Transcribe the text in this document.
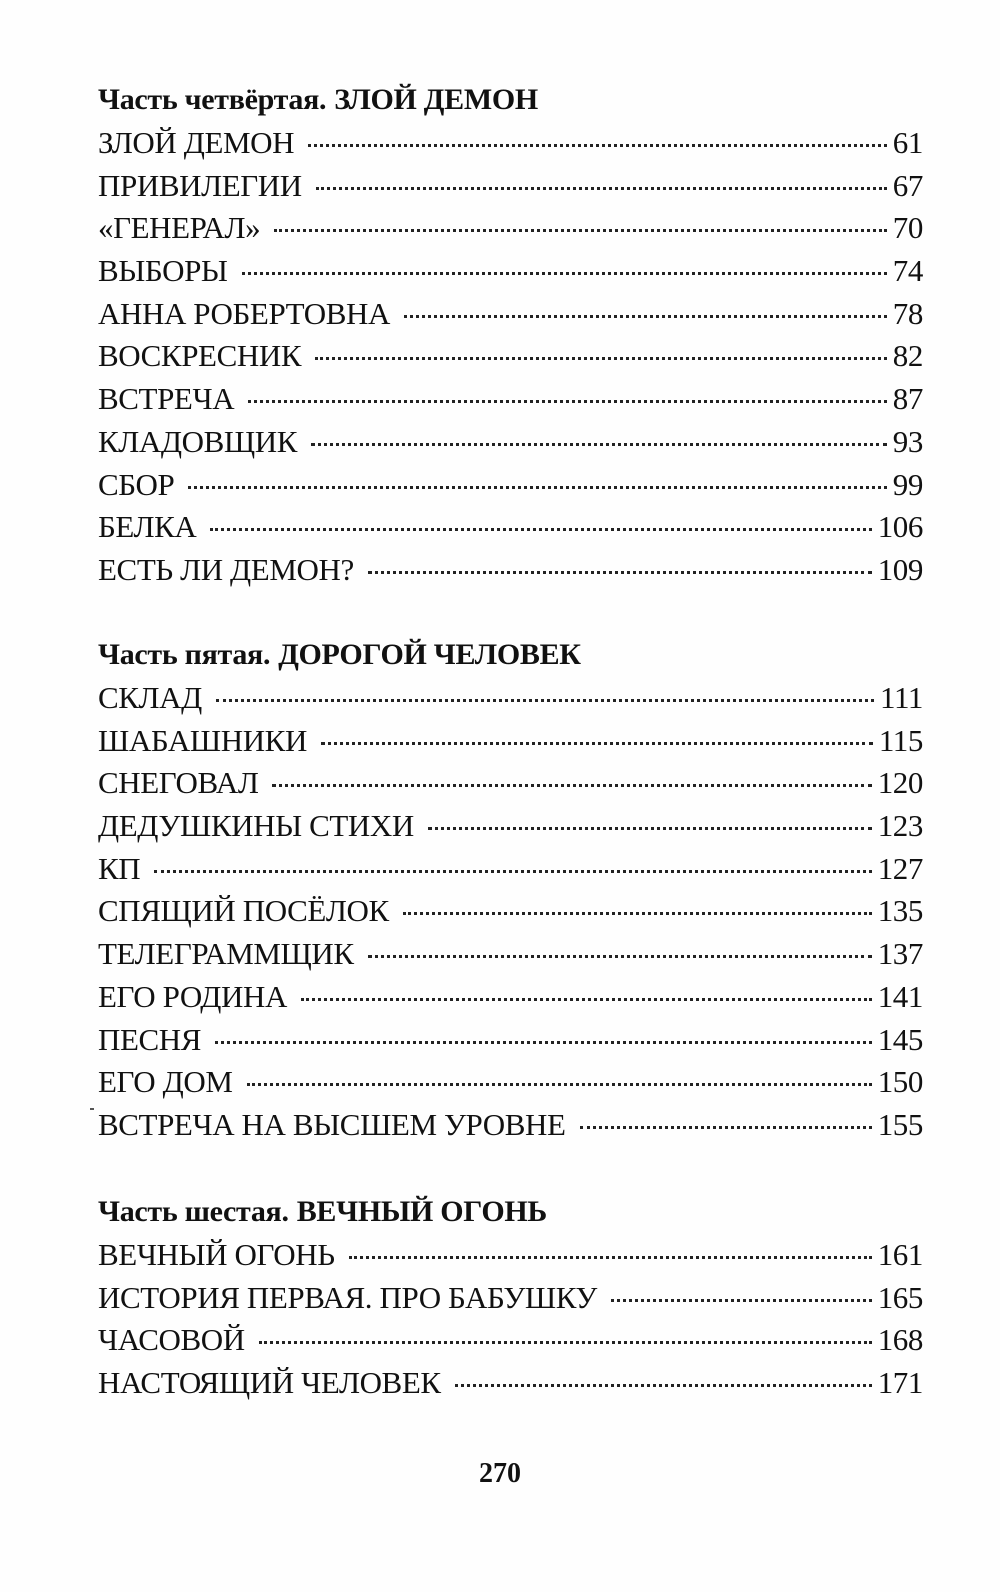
Часть четвёртая. ЗЛОЙ ДЕМОН
ЗЛОЙ ДЕМОН	61
ПРИВИЛЕГИИ	67
«ГЕНЕРАЛ»	70
ВЫБОРЫ	74
АННА РОБЕРТОВНА	78
ВОСКРЕСНИК	82
ВСТРЕЧА	87
КЛАДОВЩИК	93
СБОР	99
БЕЛКА	106
ЕСТЬ ЛИ ДЕМОН?	109
Часть пятая. ДОРОГОЙ ЧЕЛОВЕК
СКЛАД	111
ШАБАШНИКИ	115
СНЕГОВАЛ	120
ДЕДУШКИНЫ СТИХИ	123
КП	127
СПЯЩИЙ ПОСЁЛОК	135
ТЕЛЕГРАММЩИК	137
ЕГО РОДИНА	141
ПЕСНЯ	145
ЕГО ДОМ	150
ВСТРЕЧА НА ВЫСШЕМ УРОВНЕ	155
Часть шестая. ВЕЧНЫЙ ОГОНЬ
ВЕЧНЫЙ ОГОНЬ	161
ИСТОРИЯ ПЕРВАЯ. ПРО БАБУШКУ	165
ЧАСОВОЙ	168
НАСТОЯЩИЙ ЧЕЛОВЕК	171
270
